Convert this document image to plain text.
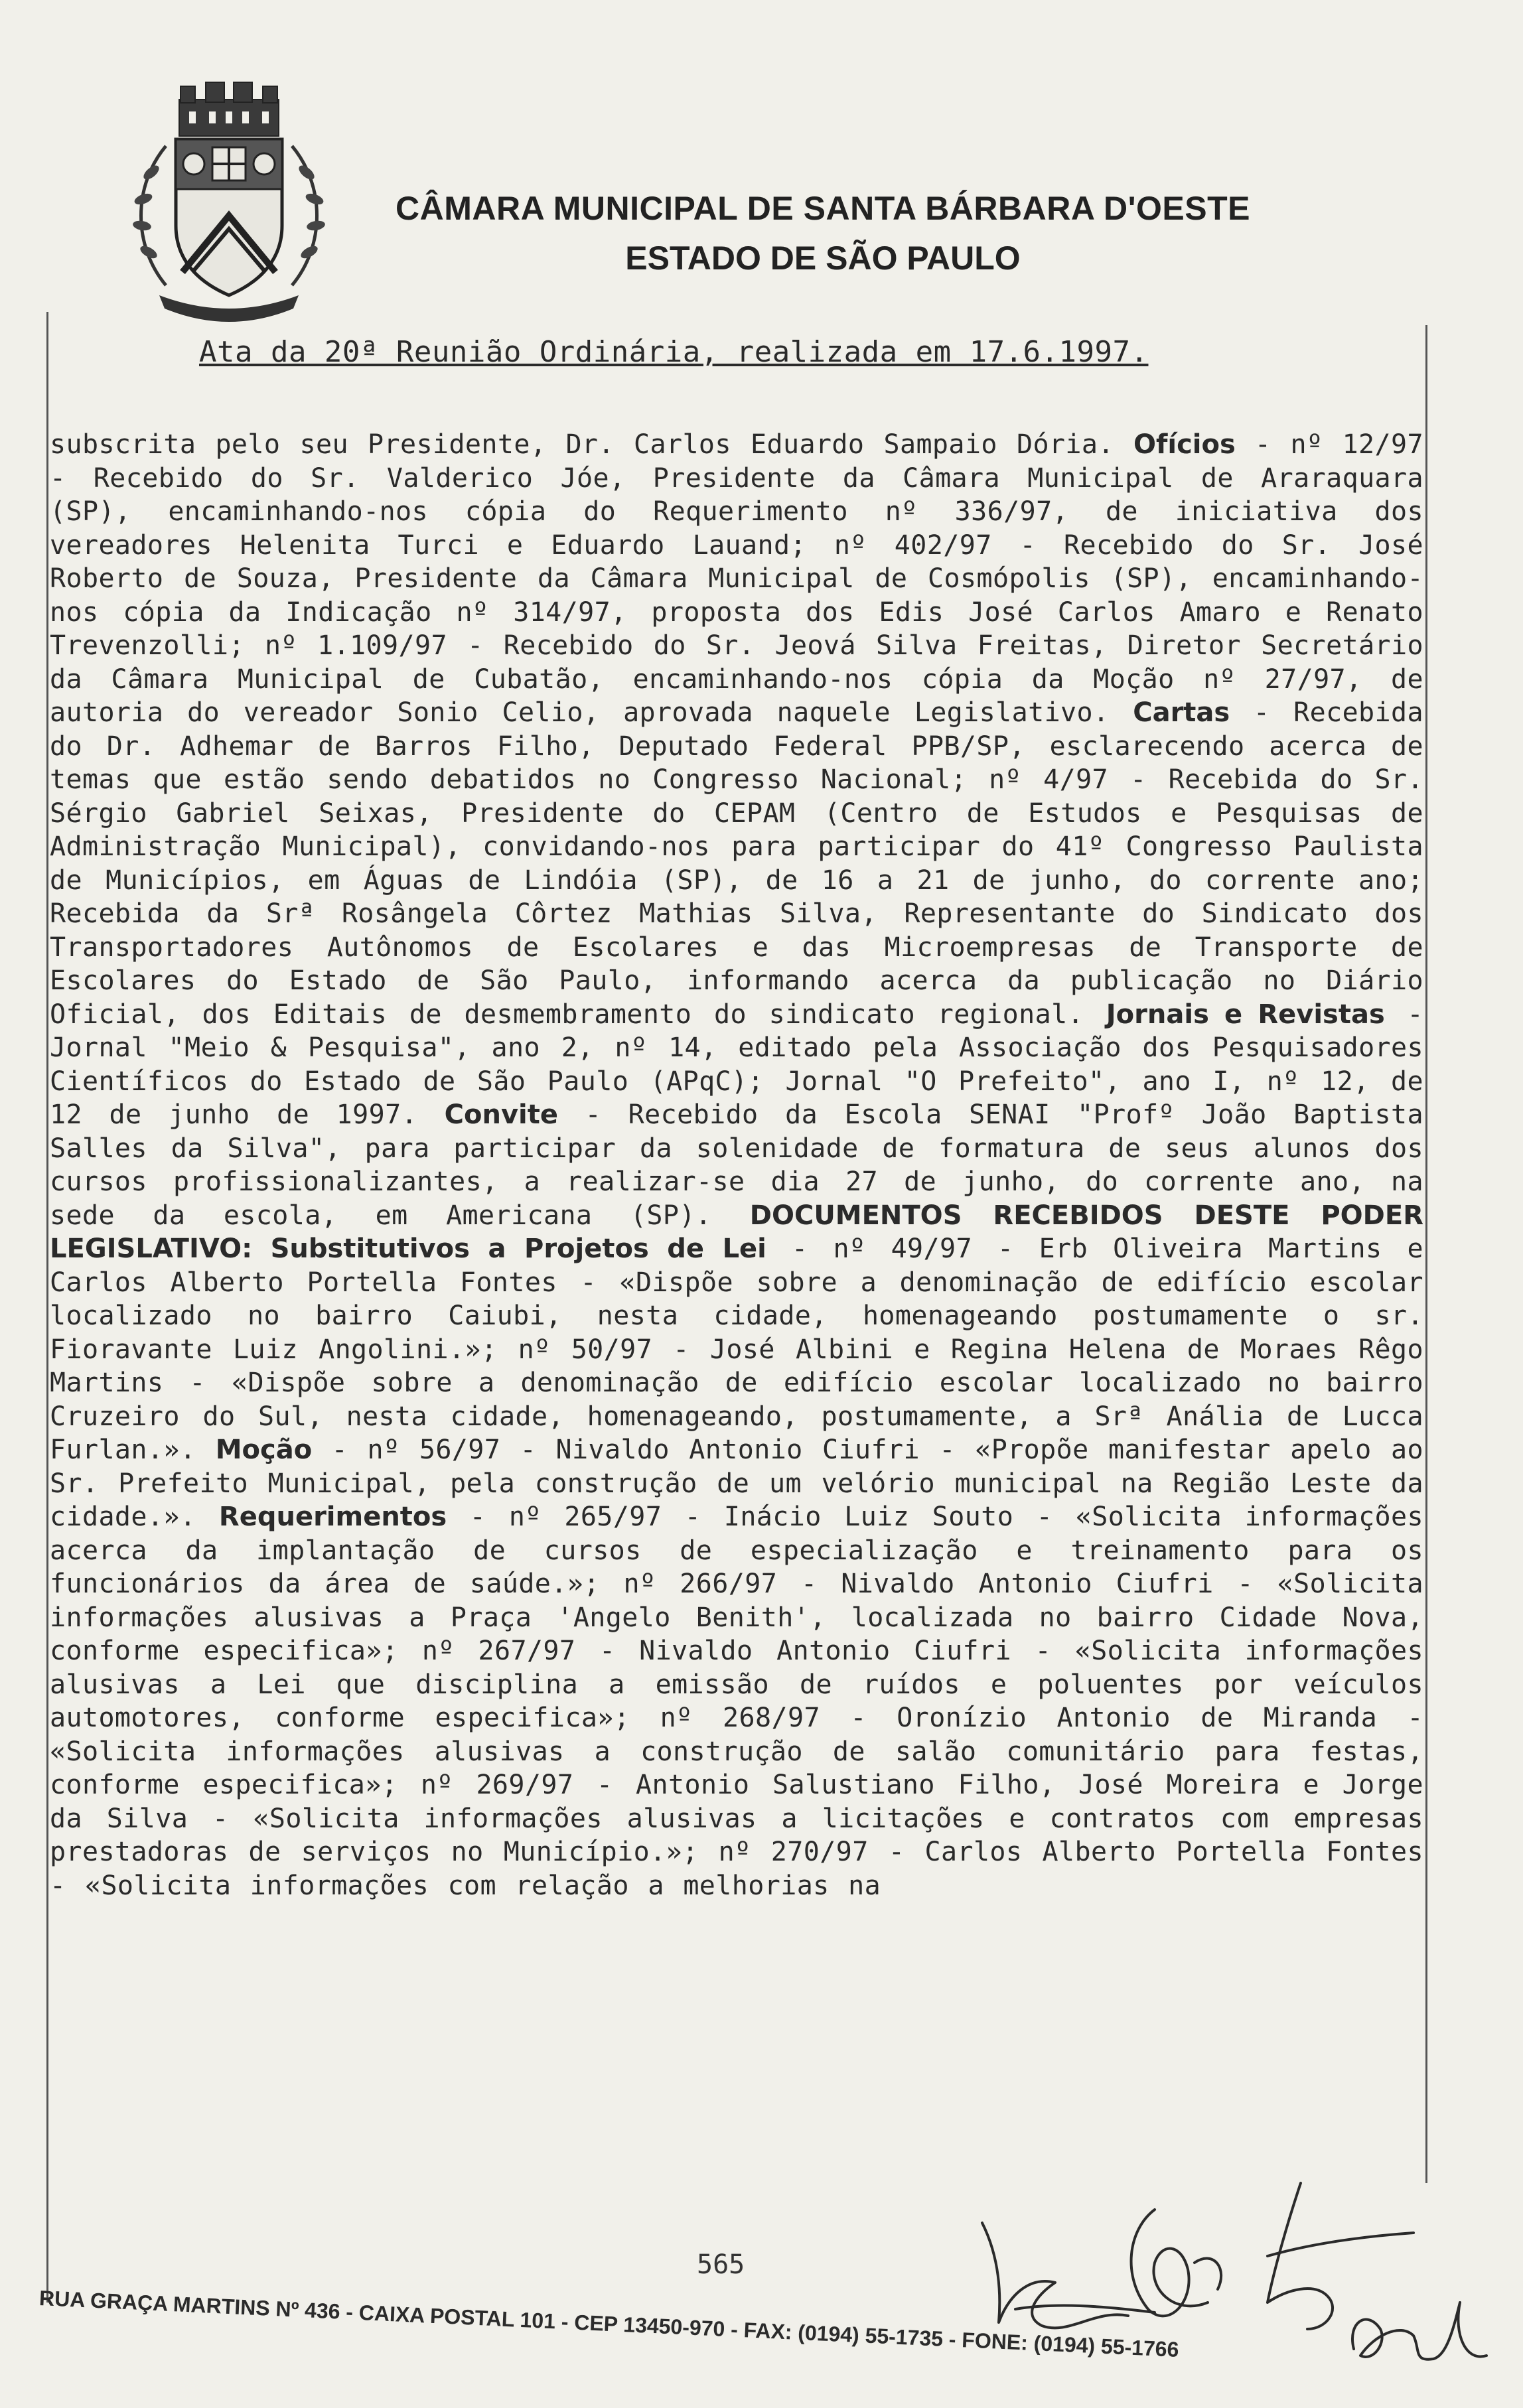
CÂMARA MUNICIPAL DE SANTA BÁRBARA D'OESTE
ESTADO DE SÃO PAULO
Ata da 20ª Reunião Ordinária, realizada em 17.6.1997.

subscrita pelo seu Presidente, Dr. Carlos Eduardo Sampaio Dória. Ofícios - nº 12/97 - Recebido do Sr. Valderico Jóe, Presidente da Câmara Municipal de Araraquara (SP), encaminhando-nos cópia do Requerimento nº 336/97, de iniciativa dos vereadores Helenita Turci e Eduardo Lauand; nº 402/97 - Recebido do Sr. José Roberto de Souza, Presidente da Câmara Municipal de Cosmópolis (SP), encaminhando-nos cópia da Indicação nº 314/97, proposta dos Edis José Carlos Amaro e Renato Trevenzolli; nº 1.109/97 - Recebido do Sr. Jeová Silva Freitas, Diretor Secretário da Câmara Municipal de Cubatão, encaminhando-nos cópia da Moção nº 27/97, de autoria do vereador Sonio Celio, aprovada naquele Legislativo. Cartas - Recebida do Dr. Adhemar de Barros Filho, Deputado Federal PPB/SP, esclarecendo acerca de temas que estão sendo debatidos no Congresso Nacional; nº 4/97 - Recebida do Sr. Sérgio Gabriel Seixas, Presidente do CEPAM (Centro de Estudos e Pesquisas de Administração Municipal), convidando-nos para participar do 41º Congresso Paulista de Municípios, em Águas de Lindóia (SP), de 16 a 21 de junho, do corrente ano; Recebida da Srª Rosângela Côrtez Mathias Silva, Representante do Sindicato dos Transportadores Autônomos de Escolares e das Microempresas de Transporte de Escolares do Estado de São Paulo, informando acerca da publicação no Diário Oficial, dos Editais de desmembramento do sindicato regional. Jornais e Revistas - Jornal "Meio & Pesquisa", ano 2, nº 14, editado pela Associação dos Pesquisadores Científicos do Estado de São Paulo (APqC); Jornal "O Prefeito", ano I, nº 12, de 12 de junho de 1997. Convite - Recebido da Escola SENAI "Profº João Baptista Salles da Silva", para participar da solenidade de formatura de seus alunos dos cursos profissionalizantes, a realizar-se dia 27 de junho, do corrente ano, na sede da escola, em Americana (SP). DOCUMENTOS RECEBIDOS DESTE PODER LEGISLATIVO: Substitutivos a Projetos de Lei - nº 49/97 - Erb Oliveira Martins e Carlos Alberto Portella Fontes - «Dispõe sobre a denominação de edifício escolar localizado no bairro Caiubi, nesta cidade, homenageando postumamente o sr. Fioravante Luiz Angolini.»; nº 50/97 - José Albini e Regina Helena de Moraes Rêgo Martins - «Dispõe sobre a denominação de edifício escolar localizado no bairro Cruzeiro do Sul, nesta cidade, homenageando, postumamente, a Srª Anália de Lucca Furlan.». Moção - nº 56/97 - Nivaldo Antonio Ciufri - «Propõe manifestar apelo ao Sr. Prefeito Municipal, pela construção de um velório municipal na Região Leste da cidade.». Requerimentos - nº 265/97 - Inácio Luiz Souto - «Solicita informações acerca da implantação de cursos de especialização e treinamento para os funcionários da área de saúde.»; nº 266/97 - Nivaldo Antonio Ciufri - «Solicita informações alusivas a Praça 'Angelo Benith', localizada no bairro Cidade Nova, conforme especifica»; nº 267/97 - Nivaldo Antonio Ciufri - «Solicita informações alusivas a Lei que disciplina a emissão de ruídos e poluentes por veículos automotores, conforme especifica»; nº 268/97 - Oronízio Antonio de Miranda - «Solicita informações alusivas a construção de salão comunitário para festas, conforme especifica»; nº 269/97 - Antonio Salustiano Filho, José Moreira e Jorge da Silva - «Solicita informações alusivas a licitações e contratos com empresas prestadoras de serviços no Município.»; nº 270/97 - Carlos Alberto Portella Fontes - «Solicita informações com relação a melhorias na

565
RUA GRAÇA MARTINS Nº 436 - CAIXA POSTAL 101 - CEP 13450-970 - FAX: (0194) 55-1735 - FONE: (0194) 55-1766
